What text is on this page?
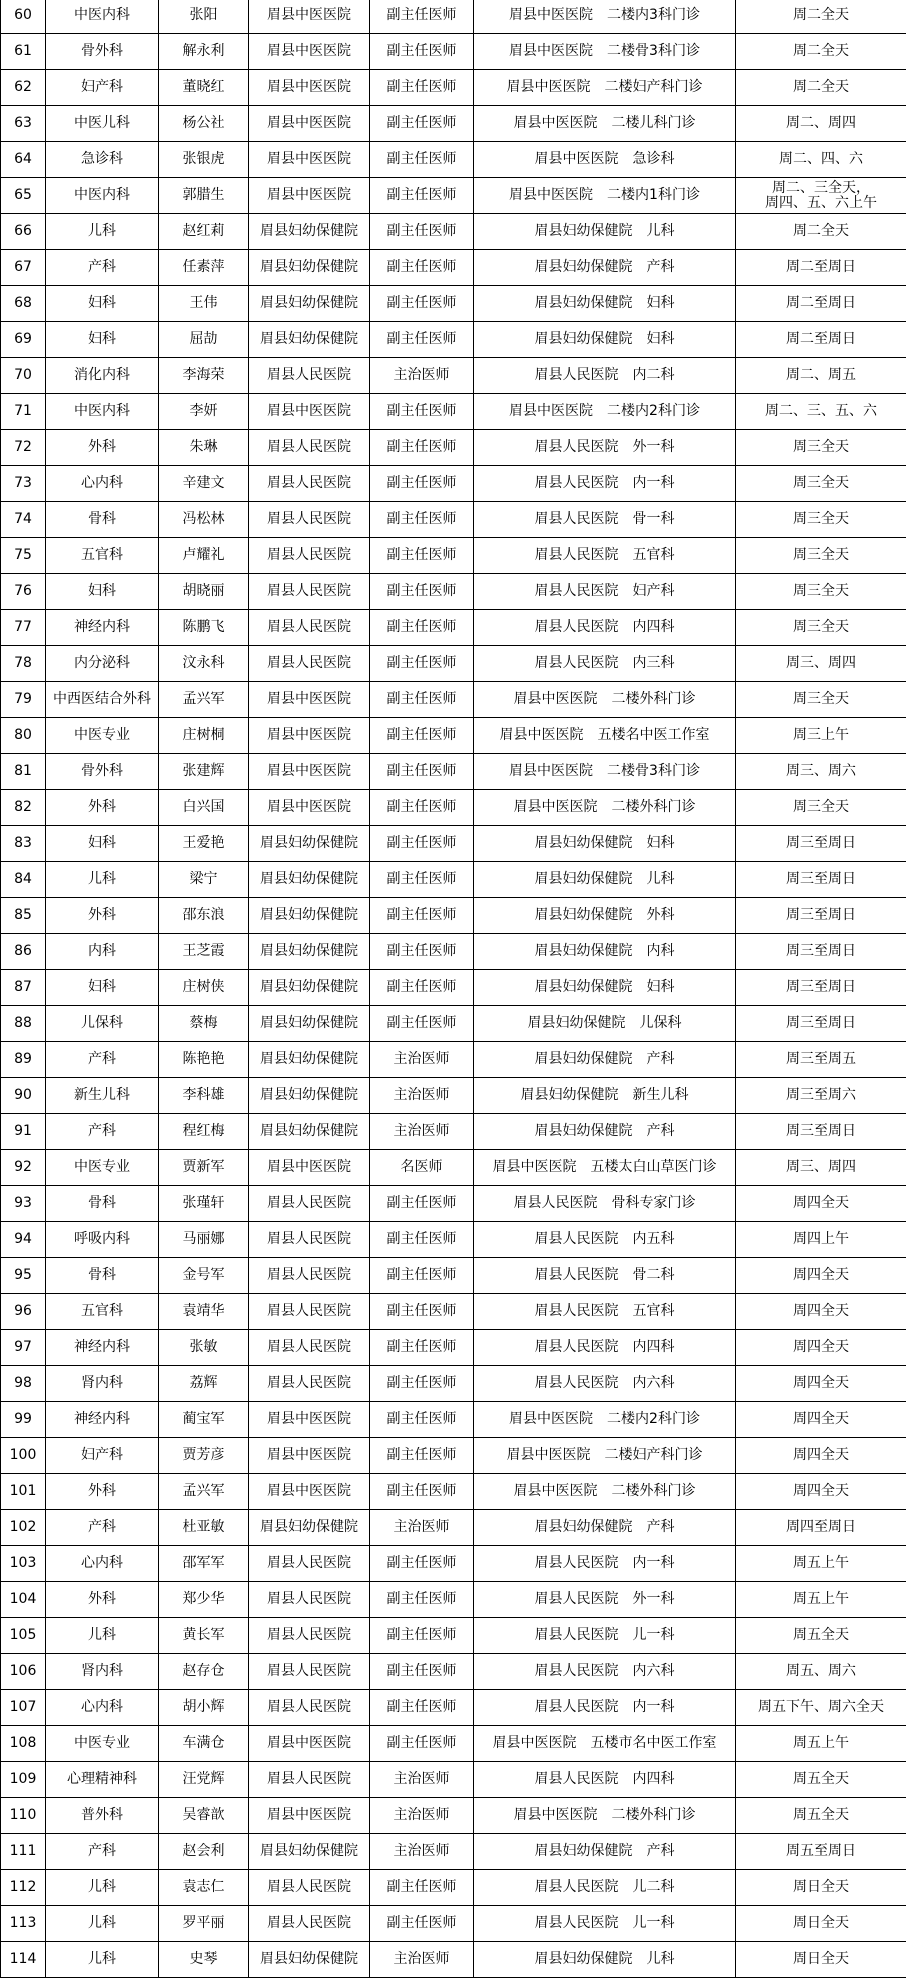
60	中医内科	张阳	眉县中医医院	副主任医师	眉县中医医院　二楼内3科门诊	周二全天
61	骨外科	解永利	眉县中医医院	副主任医师	眉县中医医院　二楼骨3科门诊	周二全天
62	妇产科	董晓红	眉县中医医院	副主任医师	眉县中医医院　二楼妇产科门诊	周二全天
63	中医儿科	杨公社	眉县中医医院	副主任医师	眉县中医医院　二楼儿科门诊	周二、周四
64	急诊科	张银虎	眉县中医医院	副主任医师	眉县中医医院　急诊科	周二、四、六
65	中医内科	郭腊生	眉县中医医院	副主任医师	眉县中医医院　二楼内1科门诊	周二、三全天，
周四、五、六上午
66	儿科	赵红莉	眉县妇幼保健院	副主任医师	眉县妇幼保健院　儿科	周二全天
67	产科	任素萍	眉县妇幼保健院	副主任医师	眉县妇幼保健院　产科	周二至周日
68	妇科	王伟	眉县妇幼保健院	副主任医师	眉县妇幼保健院　妇科	周二至周日
69	妇科	屈劼	眉县妇幼保健院	副主任医师	眉县妇幼保健院　妇科	周二至周日
70	消化内科	李海荣	眉县人民医院	主治医师	眉县人民医院　内二科	周二、周五
71	中医内科	李妍	眉县中医医院	副主任医师	眉县中医医院　二楼内2科门诊	周二、三、五、六
72	外科	朱琳	眉县人民医院	副主任医师	眉县人民医院　外一科	周三全天
73	心内科	辛建文	眉县人民医院	副主任医师	眉县人民医院　内一科	周三全天
74	骨科	冯松林	眉县人民医院	副主任医师	眉县人民医院　骨一科	周三全天
75	五官科	卢耀礼	眉县人民医院	副主任医师	眉县人民医院　五官科	周三全天
76	妇科	胡晓丽	眉县人民医院	副主任医师	眉县人民医院　妇产科	周三全天
77	神经内科	陈鹏飞	眉县人民医院	副主任医师	眉县人民医院　内四科	周三全天
78	内分泌科	汶永科	眉县人民医院	副主任医师	眉县人民医院　内三科	周三、周四
79	中西医结合外科	孟兴军	眉县中医医院	副主任医师	眉县中医医院　二楼外科门诊	周三全天
80	中医专业	庄树桐	眉县中医医院	副主任医师	眉县中医医院　五楼名中医工作室	周三上午
81	骨外科	张建辉	眉县中医医院	副主任医师	眉县中医医院　二楼骨3科门诊	周三、周六
82	外科	白兴国	眉县中医医院	副主任医师	眉县中医医院　二楼外科门诊	周三全天
83	妇科	王爱艳	眉县妇幼保健院	副主任医师	眉县妇幼保健院　妇科	周三至周日
84	儿科	梁宁	眉县妇幼保健院	副主任医师	眉县妇幼保健院　儿科	周三至周日
85	外科	邵东浪	眉县妇幼保健院	副主任医师	眉县妇幼保健院　外科	周三至周日
86	内科	王芝霞	眉县妇幼保健院	副主任医师	眉县妇幼保健院　内科	周三至周日
87	妇科	庄树侠	眉县妇幼保健院	副主任医师	眉县妇幼保健院　妇科	周三至周日
88	儿保科	蔡梅	眉县妇幼保健院	副主任医师	眉县妇幼保健院　儿保科	周三至周日
89	产科	陈艳艳	眉县妇幼保健院	主治医师	眉县妇幼保健院　产科	周三至周五
90	新生儿科	李科雄	眉县妇幼保健院	主治医师	眉县妇幼保健院　新生儿科	周三至周六
91	产科	程红梅	眉县妇幼保健院	主治医师	眉县妇幼保健院　产科	周三至周日
92	中医专业	贾新军	眉县中医医院	名医师	眉县中医医院　五楼太白山草医门诊	周三、周四
93	骨科	张瑾轩	眉县人民医院	副主任医师	眉县人民医院　骨科专家门诊	周四全天
94	呼吸内科	马丽娜	眉县人民医院	副主任医师	眉县人民医院　内五科	周四上午
95	骨科	金号军	眉县人民医院	副主任医师	眉县人民医院　骨二科	周四全天
96	五官科	袁靖华	眉县人民医院	副主任医师	眉县人民医院　五官科	周四全天
97	神经内科	张敏	眉县人民医院	副主任医师	眉县人民医院　内四科	周四全天
98	肾内科	荔辉	眉县人民医院	副主任医师	眉县人民医院　内六科	周四全天
99	神经内科	蔺宝军	眉县中医医院	副主任医师	眉县中医医院　二楼内2科门诊	周四全天
100	妇产科	贾芳彦	眉县中医医院	副主任医师	眉县中医医院　二楼妇产科门诊	周四全天
101	外科	孟兴军	眉县中医医院	副主任医师	眉县中医医院　二楼外科门诊	周四全天
102	产科	杜亚敏	眉县妇幼保健院	主治医师	眉县妇幼保健院　产科	周四至周日
103	心内科	邵军军	眉县人民医院	副主任医师	眉县人民医院　内一科	周五上午
104	外科	郑少华	眉县人民医院	副主任医师	眉县人民医院　外一科	周五上午
105	儿科	黄长军	眉县人民医院	副主任医师	眉县人民医院　儿一科	周五全天
106	肾内科	赵存仓	眉县人民医院	副主任医师	眉县人民医院　内六科	周五、周六
107	心内科	胡小辉	眉县人民医院	副主任医师	眉县人民医院　内一科	周五下午、周六全天
108	中医专业	车满仓	眉县中医医院	副主任医师	眉县中医医院　五楼市名中医工作室	周五上午
109	心理精神科	汪党辉	眉县人民医院	主治医师	眉县人民医院　内四科	周五全天
110	普外科	吴睿歆	眉县中医医院	主治医师	眉县中医医院　二楼外科门诊	周五全天
111	产科	赵会利	眉县妇幼保健院	主治医师	眉县妇幼保健院　产科	周五至周日
112	儿科	袁志仁	眉县人民医院	副主任医师	眉县人民医院　儿二科	周日全天
113	儿科	罗平丽	眉县人民医院	副主任医师	眉县人民医院　儿一科	周日全天
114	儿科	史琴	眉县妇幼保健院	主治医师	眉县妇幼保健院　儿科	周日全天
